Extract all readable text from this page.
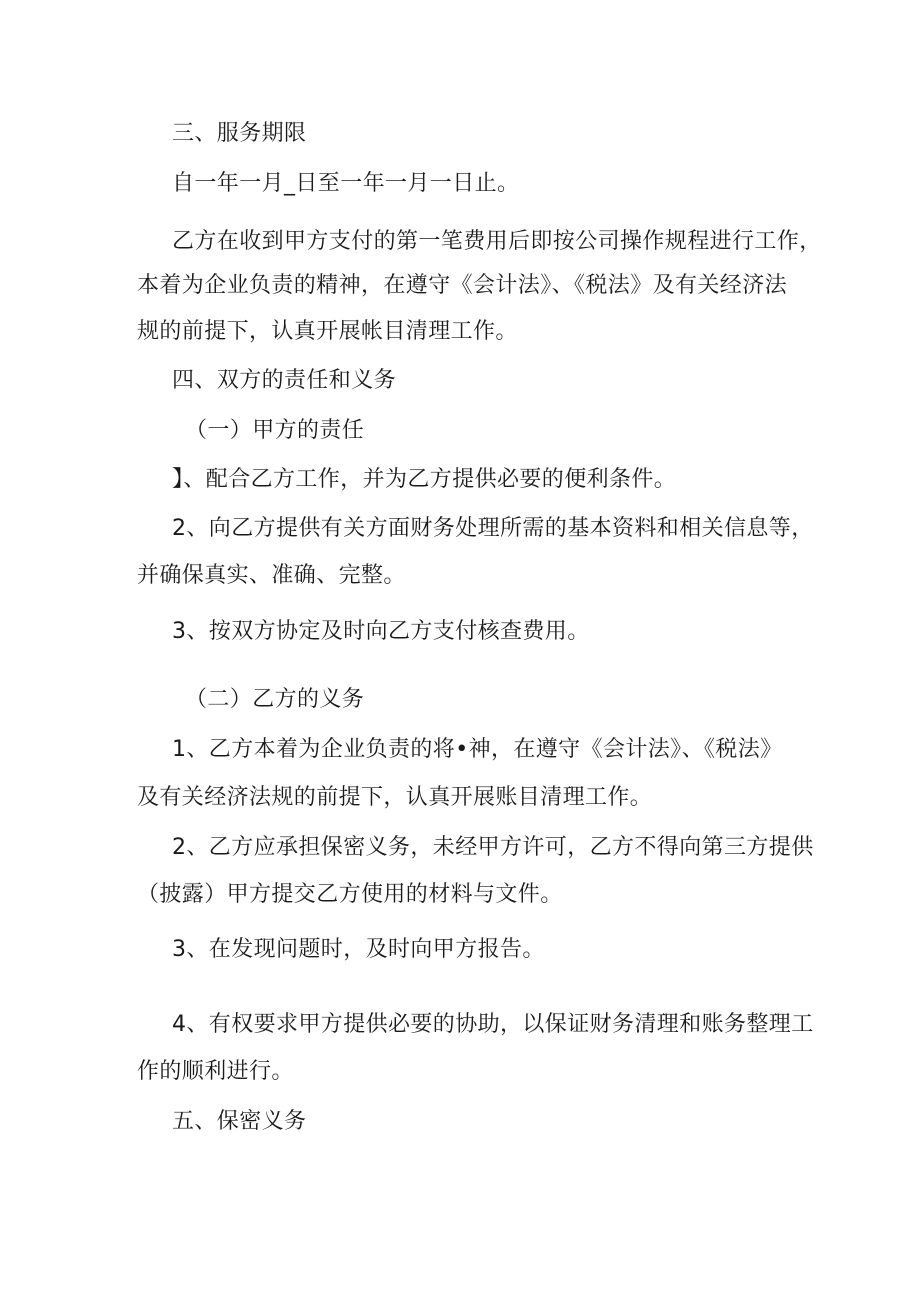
三、服务期限
自一年一月_日至一年一月一日止。
乙方在收到甲方支付的第一笔费用后即按公司操作规程进行工作，
本着为企业负责的精神，在遵守《会计法》、《税法》及有关经济法
规的前提下，认真开展帐目清理工作。
四、双方的责任和义务
（一）甲方的责任
】、配合乙方工作，并为乙方提供必要的便利条件。
2、向乙方提供有关方面财务处理所需的基本资料和相关信息等，
并确保真实、准确、完整。
3、按双方协定及时向乙方支付核查费用。
（二）乙方的义务
1、乙方本着为企业负责的将•神，在遵守《会计法》、《税法》
及有关经济法规的前提下，认真开展账目清理工作。
2、乙方应承担保密义务，未经甲方许可，乙方不得向第三方提供
（披露）甲方提交乙方使用的材料与文件。
3、在发现问题时，及时向甲方报告。
4、有权要求甲方提供必要的协助，以保证财务清理和账务整理工
作的顺利进行。
五、保密义务
